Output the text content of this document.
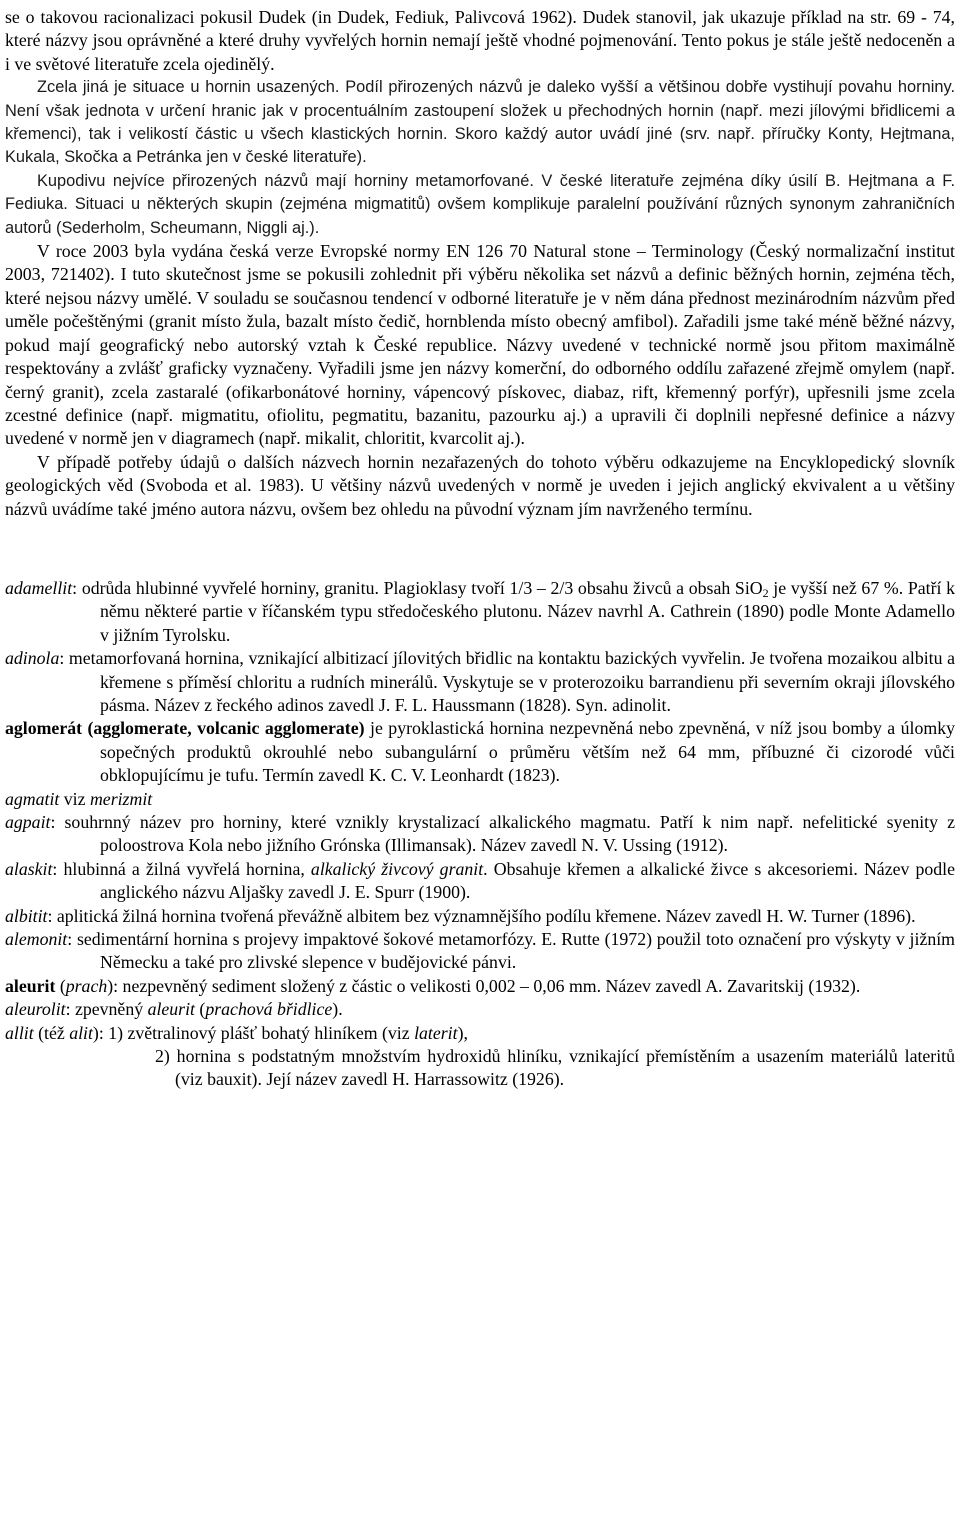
se o takovou racionalizaci pokusil Dudek (in Dudek, Fediuk, Palivcová 1962). Dudek stanovil, jak ukazuje příklad na str. 69 - 74, které názvy jsou oprávněné a které druhy vyvřelých hornin nemají ještě vhodné pojmenování. Tento pokus je stále ještě nedoceněn a i ve světové literatuře zcela ojedinělý.

Zcela jiná je situace u hornin usazených. Podíl přirozených názvů je daleko vyšší a většinou dobře vystihují povahu horniny. Není však jednota v určení hranic jak v procentuálním zastoupení složek u přechodných hornin (např. mezi jílovými břidlicemi a křemenci), tak i velikostí částic u všech klastických hornin. Skoro každý autor uvádí jiné (srv. např. příručky Konty, Hejtmana, Kukala, Skočka a Petránka jen v české literatuře).

Kupodivu nejvíce přirozených názvů mají horniny metamorfované. V české literatuře zejména díky úsilí B. Hejtmana a F. Fediuka. Situaci u některých skupin (zejména migmatitů) ovšem komplikuje paralelní používání různých synonym zahraničních autorů (Sederholm, Scheumann, Niggli aj.).

V roce 2003 byla vydána česká verze Evropské normy EN 126 70 Natural stone – Terminology (Český normalizační institut 2003, 721402). I tuto skutečnost jsme se pokusili zohlednit při výběru několika set názvů a definic běžných hornin, zejména těch, které nejsou názvy umělé. V souladu se současnou tendencí v odborné literatuře je v něm dána přednost mezinárodním názvům před uměle počeštěnými (granit místo žula, bazalt místo čedič, hornblenda místo obecný amfibol). Zařadili jsme také méně běžné názvy, pokud mají geografický nebo autorský vztah k České republice. Názvy uvedené v technické normě jsou přitom maximálně respektovány a zvlášť graficky vyznačeny. Vyřadili jsme jen názvy komerční, do odborného oddílu zařazené zřejmě omylem (např. černý granit), zcela zastaralé (ofikarbonátové horniny, vápencový pískovec, diabaz, rift, křemenný porfýr), upřesnili jsme zcela zcestné definice (např. migmatitu, ofiolitu, pegmatitu, bazanitu, pazourku aj.) a upravili či doplnili nepřesné definice a názvy uvedené v normě jen v diagramech (např. mikalit, chloritit, kvarcolit aj.).

V případě potřeby údajů o dalších názvech hornin nezařazených do tohoto výběru odkazujeme na Encyklopedický slovník geologických věd (Svoboda et al. 1983). U většiny názvů uvedených v normě je uveden i jejich anglický ekvivalent a u většiny názvů uvádíme také jméno autora názvu, ovšem bez ohledu na původní význam jím navrženého termínu.

adamellit: odrůda hlubinné vyvřelé horniny, granitu. Plagioklasy tvoří 1/3 – 2/3 obsahu živců a obsah SiO$_2$ je vyšší než 67 %. Patří k němu některé partie v říčanském typu středočeského plutonu. Název navrhl A. Cathrein (1890) podle Monte Adamello v jižním Tyrolsku.

adinola: metamorfovaná hornina, vznikající albitizací jílovitých břidlic na kontaktu bazických vyvřelin. Je tvořena mozaikou albitu a křemene s příměsí chloritu a rudních minerálů. Vyskytuje se v proterozoiku barrandienu při severním okraji jílovského pásma. Název z řeckého adinos zavedl J. F. L. Haussmann (1828). Syn. adinolit.

aglomerát (agglomerate, volcanic agglomerate) je pyroklastická hornina nezpevněná nebo zpevněná, v níž jsou bomby a úlomky sopečných produktů okrouhlé nebo subangulární o průměru větším než 64 mm, příbuzné či cizorodé vůči obklopujícímu je tufu. Termín zavedl K. C. V. Leonhardt (1823).

agmatit viz merizmit

agpait: souhrnný název pro horniny, které vznikly krystalizací alkalického magmatu. Patří k nim např. nefelitické syenity z poloostrova Kola nebo jižního Grónska (Illimansak). Název zavedl N. V. Ussing (1912).

alaskit: hlubinná a žilná vyvřelá hornina, alkalický živcový granit. Obsahuje křemen a alkalické živce s akcesoriemi. Název podle anglického názvu Aljašky zavedl J. E. Spurr (1900).

albitit: aplitická žilná hornina tvořená převážně albitem bez významnějšího podílu křemene. Název zavedl H. W. Turner (1896).

alemonit: sedimentární hornina s projevy impaktové šokové metamorfózy. E. Rutte (1972) použil toto označení pro výskyty v jižním Německu a také pro zlivské slepence v budějovické pánvi.

aleurit (prach): nezpevněný sediment složený z částic o velikosti 0,002 – 0,06 mm. Název zavedl A. Zavaritskij (1932).

aleurolit: zpevněný aleurit (prachová břidlice).

allit (též alit): 1) zvětralinový plášť bohatý hliníkem (viz laterit),

2) hornina s podstatným množstvím hydroxidů hliníku, vznikající přemístěním a usazením materiálů lateritů (viz bauxit). Její název zavedl H. Harrassowitz (1926).
